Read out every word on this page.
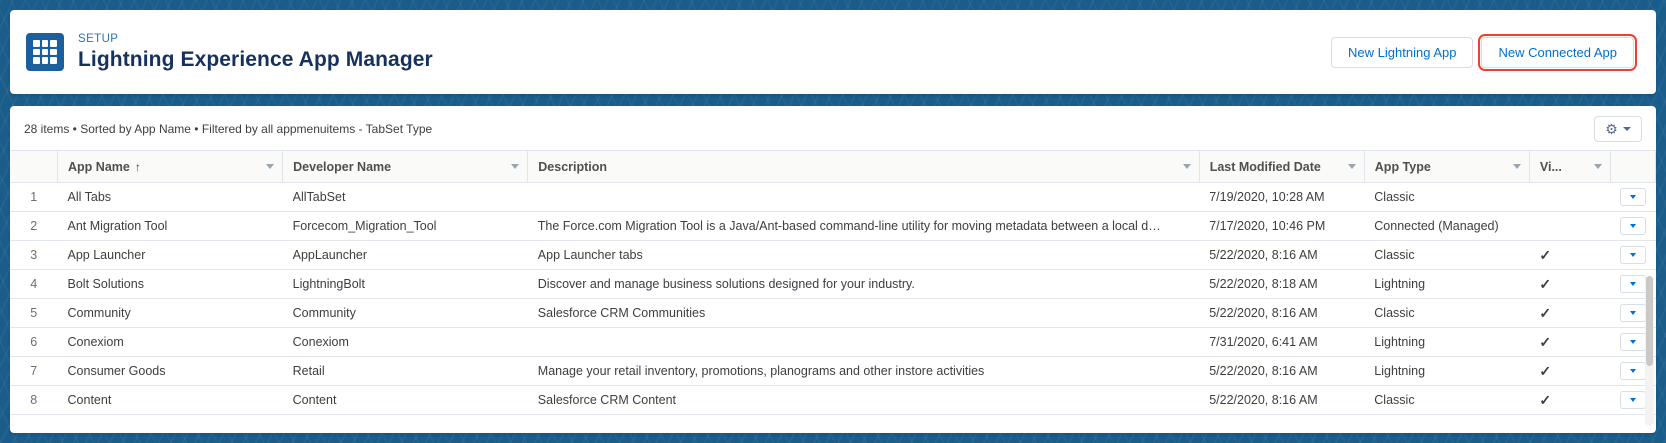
SETUP
Lightning Experience App Manager	New Lightning App	New Connected App
28 items • Sorted by App Name • Filtered by all appmenuitems - TabSet Type	⚙

	App Name ↑	Developer Name	Description	Last Modified Date	App Type	Vi...	

1	All Tabs	AllTabSet		7/19/2020, 10:28 AM	Classic		

2	Ant Migration Tool	Forcecom_Migration_Tool	The Force.com Migration Tool is a Java/Ant-based command-line utility for moving metadata between a local d…	7/17/2020, 10:46 PM	Connected (Managed)		

3	App Launcher	AppLauncher	App Launcher tabs	5/22/2020, 8:16 AM	Classic	✓	

4	Bolt Solutions	LightningBolt	Discover and manage business solutions designed for your industry.	5/22/2020, 8:18 AM	Lightning	✓	

5	Community	Community	Salesforce CRM Communities	5/22/2020, 8:16 AM	Classic	✓	

6	Conexiom	Conexiom		7/31/2020, 6:41 AM	Lightning	✓	

7	Consumer Goods	Retail	Manage your retail inventory, promotions, planograms and other instore activities	5/22/2020, 8:16 AM	Lightning	✓	

8	Content	Content	Salesforce CRM Content	5/22/2020, 8:16 AM	Classic	✓	
